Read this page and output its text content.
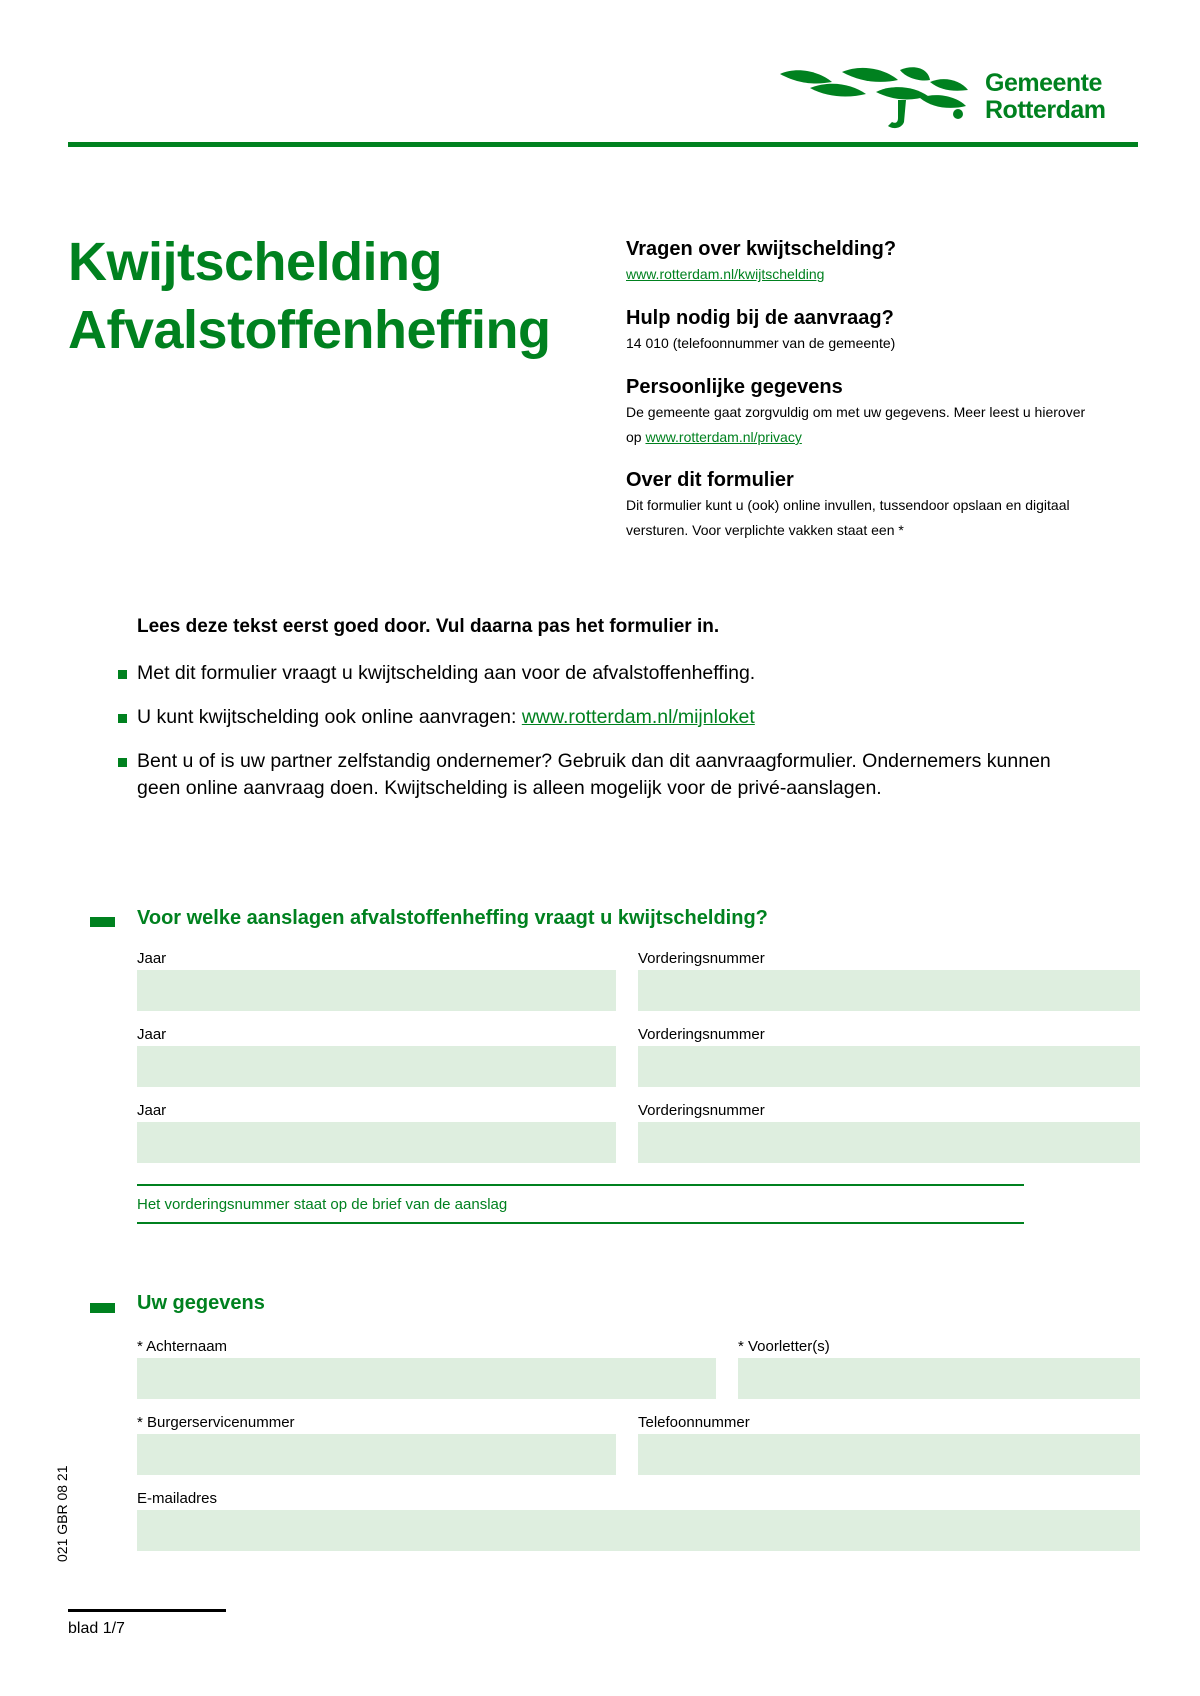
Gemeente
Rotterdam
Kwijtschelding
Afvalstoffenheffing
Vragen over kwijtschelding?

www.rotterdam.nl/kwijtschelding

Hulp nodig bij de aanvraag?

14 010 (telefoonnummer van de gemeente)

Persoonlijke gegevens

De gemeente gaat zorgvuldig om met uw gegevens. Meer leest u hierover op www.rotterdam.nl/privacy

Over dit formulier

Dit formulier kunt u (ook) online invullen, tussendoor opslaan en digitaal versturen. Voor verplichte vakken staat een *

Lees deze tekst eerst goed door. Vul daarna pas het formulier in.
Met dit formulier vraagt u kwijtschelding aan voor de afvalstoffenheffing.
U kunt kwijtschelding ook online aanvragen: www.rotterdam.nl/mijnloket
Bent u of is uw partner zelfstandig ondernemer? Gebruik dan dit aanvraagformulier. Ondernemers kunnen geen online aanvraag doen. Kwijtschelding is alleen mogelijk voor de privé-aanslagen.
Voor welke aanslagen afvalstoffenheffing vraagt u kwijtschelding?
Jaar	Vorderingsnummer
Jaar	Vorderingsnummer
Jaar	Vorderingsnummer
Het vorderingsnummer staat op de brief van de aanslag
Uw gegevens
* Achternaam	* Voorletter(s)
* Burgerservicenummer	Telefoonnummer
E-mailadres
021 GBR 08 21
blad 1/7
